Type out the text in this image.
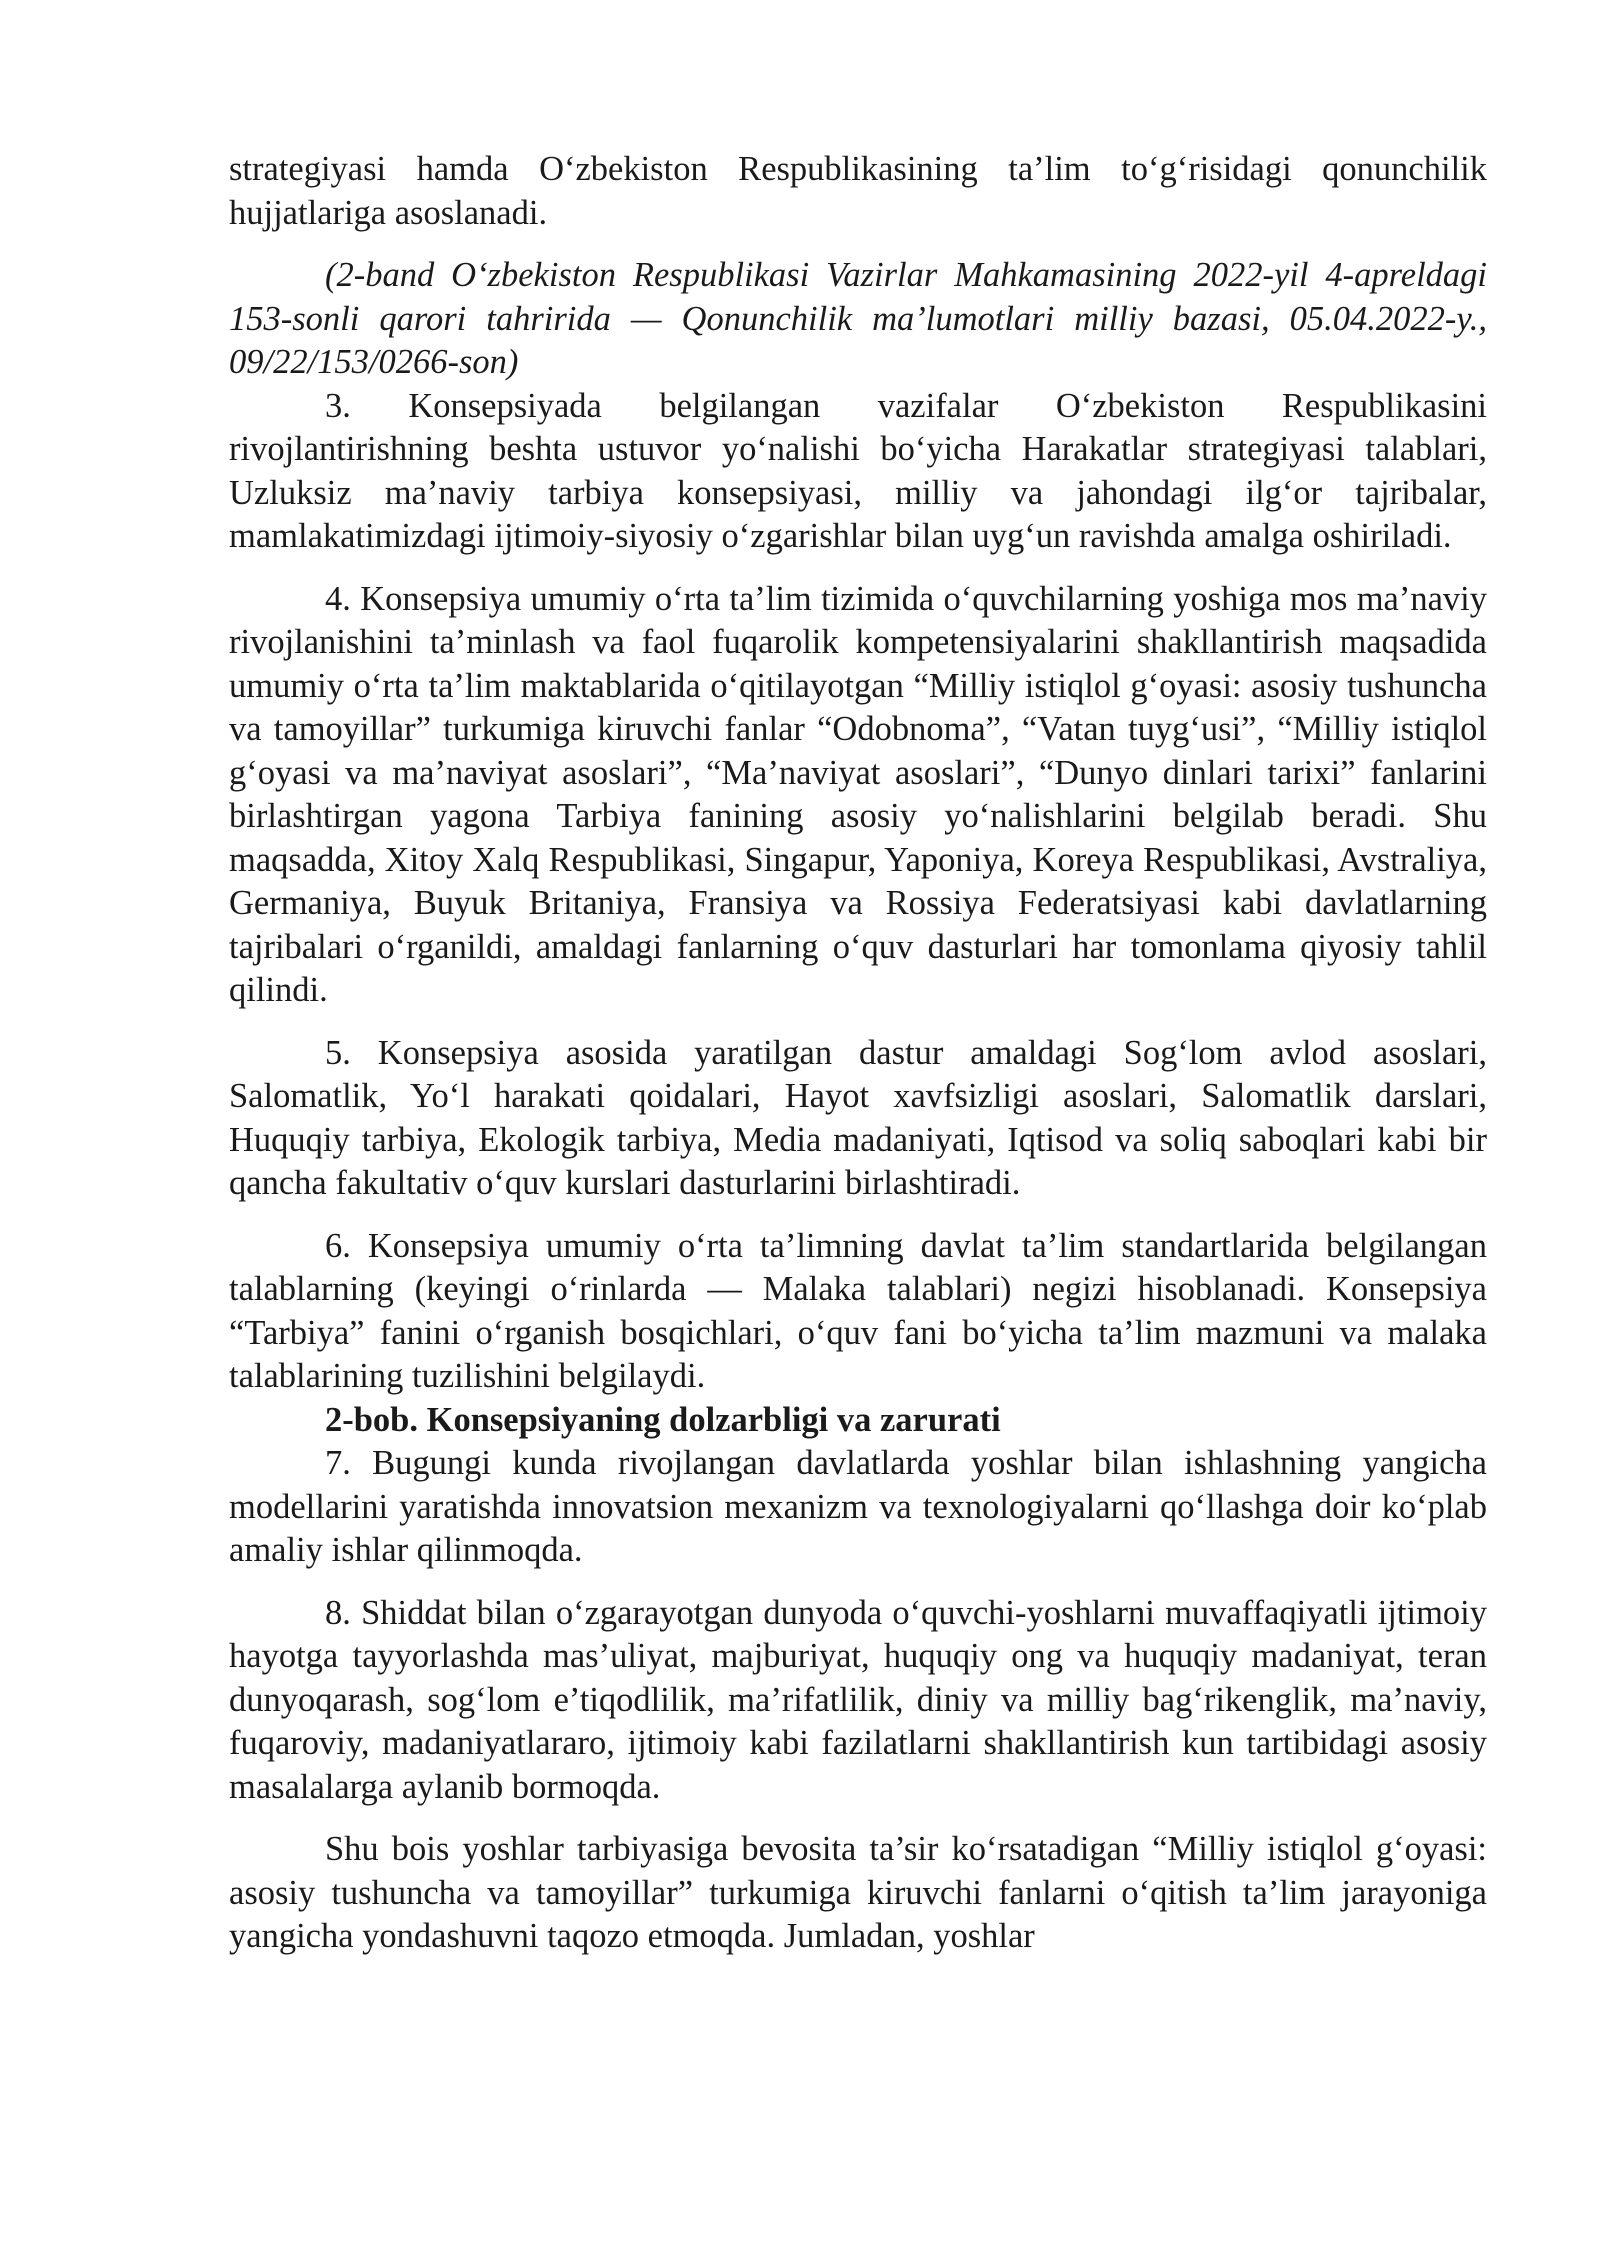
strategiyasi hamda O‘zbekiston Respublikasining ta’lim to‘g‘risidagi qonunchilik hujjatlariga asoslanadi.

(2-band O‘zbekiston Respublikasi Vazirlar Mahkamasining 2022-yil 4-apreldagi 153-sonli qarori tahririda — Qonunchilik ma’lumotlari milliy bazasi, 05.04.2022-y., 09/22/153/0266-son)

3. Konsepsiyada belgilangan vazifalar O‘zbekiston Respublikasini rivojlantirishning beshta ustuvor yo‘nalishi bo‘yicha Harakatlar strategiyasi talablari, Uzluksiz ma’naviy tarbiya konsepsiyasi, milliy va jahondagi ilg‘or tajribalar, mamlakatimizdagi ijtimoiy-siyosiy o‘zgarishlar bilan uyg‘un ravishda amalga oshiriladi.

4. Konsepsiya umumiy o‘rta ta’lim tizimida o‘quvchilarning yoshiga mos ma’naviy rivojlanishini ta’minlash va faol fuqarolik kompetensiyalarini shakllantirish maqsadida umumiy o‘rta ta’lim maktablarida o‘qitilayotgan “Milliy istiqlol g‘oyasi: asosiy tushuncha va tamoyillar” turkumiga kiruvchi fanlar “Odobnoma”, “Vatan tuyg‘usi”, “Milliy istiqlol g‘oyasi va ma’naviyat asoslari”, “Ma’naviyat asoslari”, “Dunyo dinlari tarixi” fanlarini birlashtirgan yagona Tarbiya fanining asosiy yo‘nalishlarini belgilab beradi. Shu maqsadda, Xitoy Xalq Respublikasi, Singapur, Yaponiya, Koreya Respublikasi, Avstraliya, Germaniya, Buyuk Britaniya, Fransiya va Rossiya Federatsiyasi kabi davlatlarning tajribalari o‘rganildi, amaldagi fanlarning o‘quv dasturlari har tomonlama qiyosiy tahlil qilindi.

5. Konsepsiya asosida yaratilgan dastur amaldagi Sog‘lom avlod asoslari, Salomatlik, Yo‘l harakati qoidalari, Hayot xavfsizligi asoslari, Salomatlik darslari, Huquqiy tarbiya, Ekologik tarbiya, Media madaniyati, Iqtisod va soliq saboqlari kabi bir qancha fakultativ o‘quv kurslari dasturlarini birlashtiradi.

6. Konsepsiya umumiy o‘rta ta’limning davlat ta’lim standartlarida belgilangan talablarning (keyingi o‘rinlarda — Malaka talablari) negizi hisoblanadi. Konsepsiya “Tarbiya” fanini o‘rganish bosqichlari, o‘quv fani bo‘yicha ta’lim mazmuni va malaka talablarining tuzilishini belgilaydi.

2-bob. Konsepsiyaning dolzarbligi va zarurati

7. Bugungi kunda rivojlangan davlatlarda yoshlar bilan ishlashning yangicha modellarini yaratishda innovatsion mexanizm va texnologiyalarni qo‘llashga doir ko‘plab amaliy ishlar qilinmoqda.

8. Shiddat bilan o‘zgarayotgan dunyoda o‘quvchi-yoshlarni muvaffaqiyatli ijtimoiy hayotga tayyorlashda mas’uliyat, majburiyat, huquqiy ong va huquqiy madaniyat, teran dunyoqarash, sog‘lom e’tiqodlilik, ma’rifatlilik, diniy va milliy bag‘rikenglik, ma’naviy, fuqaroviy, madaniyatlararo, ijtimoiy kabi fazilatlarni shakllantirish kun tartibidagi asosiy masalalarga aylanib bormoqda.

Shu bois yoshlar tarbiyasiga bevosita ta’sir ko‘rsatadigan “Milliy istiqlol g‘oyasi: asosiy tushuncha va tamoyillar” turkumiga kiruvchi fanlarni o‘qitish ta’lim jarayoniga yangicha yondashuvni taqozo etmoqda. Jumladan, yoshlar
